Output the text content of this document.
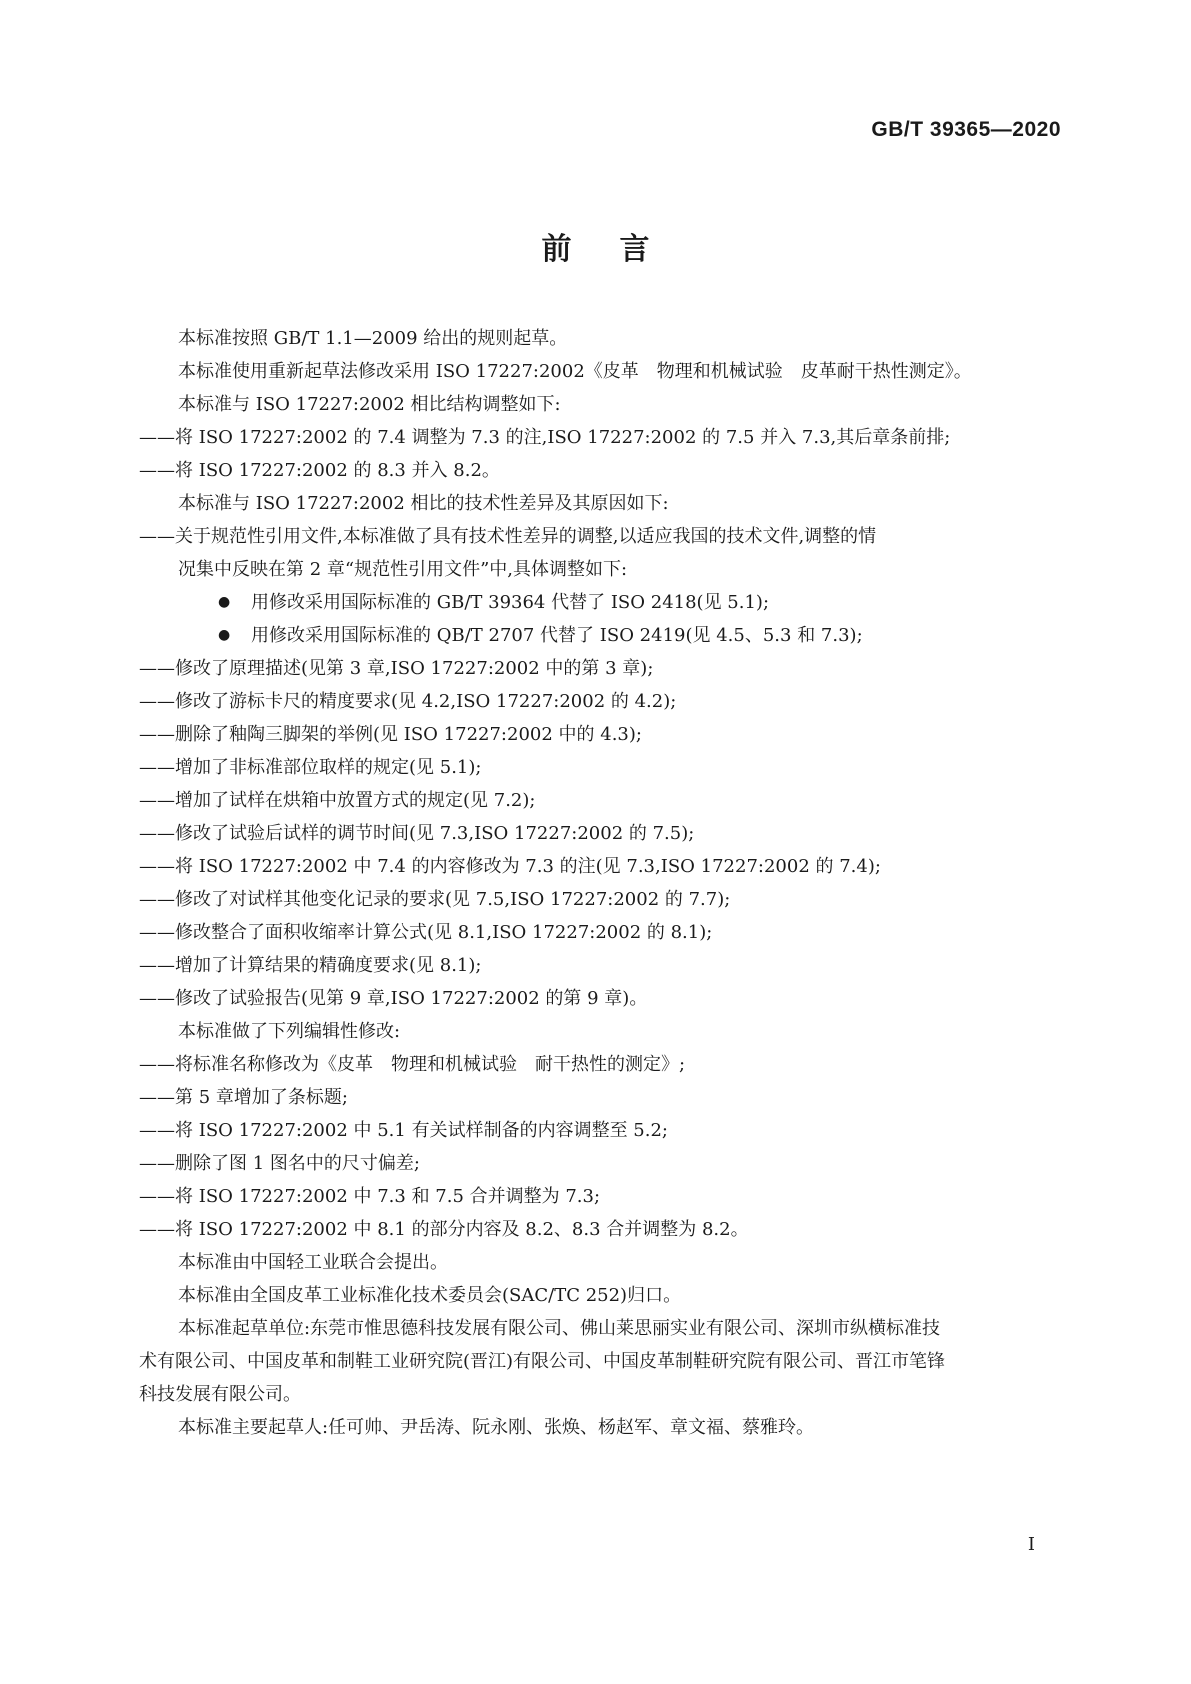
GB/T 39365—2020
前言
本标准按照 GB/T 1.1—2009 给出的规则起草。
本标准使用重新起草法修改采用 ISO 17227:2002《皮革　物理和机械试验　皮革耐干热性测定》。
本标准与 ISO 17227:2002 相比结构调整如下:
——将 ISO 17227:2002 的 7.4 调整为 7.3 的注,ISO 17227:2002 的 7.5 并入 7.3,其后章条前排;
——将 ISO 17227:2002 的 8.3 并入 8.2。
本标准与 ISO 17227:2002 相比的技术性差异及其原因如下:
——关于规范性引用文件,本标准做了具有技术性差异的调整,以适应我国的技术文件,调整的情
况集中反映在第 2 章“规范性引用文件”中,具体调整如下:
● 用修改采用国际标准的 GB/T 39364 代替了 ISO 2418(见 5.1);
● 用修改采用国际标准的 QB/T 2707 代替了 ISO 2419(见 4.5、5.3 和 7.3);
——修改了原理描述(见第 3 章,ISO 17227:2002 中的第 3 章);
——修改了游标卡尺的精度要求(见 4.2,ISO 17227:2002 的 4.2);
——删除了釉陶三脚架的举例(见 ISO 17227:2002 中的 4.3);
——增加了非标准部位取样的规定(见 5.1);
——增加了试样在烘箱中放置方式的规定(见 7.2);
——修改了试验后试样的调节时间(见 7.3,ISO 17227:2002 的 7.5);
——将 ISO 17227:2002 中 7.4 的内容修改为 7.3 的注(见 7.3,ISO 17227:2002 的 7.4);
——修改了对试样其他变化记录的要求(见 7.5,ISO 17227:2002 的 7.7);
——修改整合了面积收缩率计算公式(见 8.1,ISO 17227:2002 的 8.1);
——增加了计算结果的精确度要求(见 8.1);
——修改了试验报告(见第 9 章,ISO 17227:2002 的第 9 章)。
本标准做了下列编辑性修改:
——将标准名称修改为《皮革　物理和机械试验　耐干热性的测定》;
——第 5 章增加了条标题;
——将 ISO 17227:2002 中 5.1 有关试样制备的内容调整至 5.2;
——删除了图 1 图名中的尺寸偏差;
——将 ISO 17227:2002 中 7.3 和 7.5 合并调整为 7.3;
——将 ISO 17227:2002 中 8.1 的部分内容及 8.2、8.3 合并调整为 8.2。
本标准由中国轻工业联合会提出。
本标准由全国皮革工业标准化技术委员会(SAC/TC 252)归口。
本标准起草单位:东莞市惟思德科技发展有限公司、佛山莱思丽实业有限公司、深圳市纵横标准技
术有限公司、中国皮革和制鞋工业研究院(晋江)有限公司、中国皮革制鞋研究院有限公司、晋江市笔锋
科技发展有限公司。
本标准主要起草人:任可帅、尹岳涛、阮永刚、张焕、杨赵军、章文福、蔡雅玲。
I
